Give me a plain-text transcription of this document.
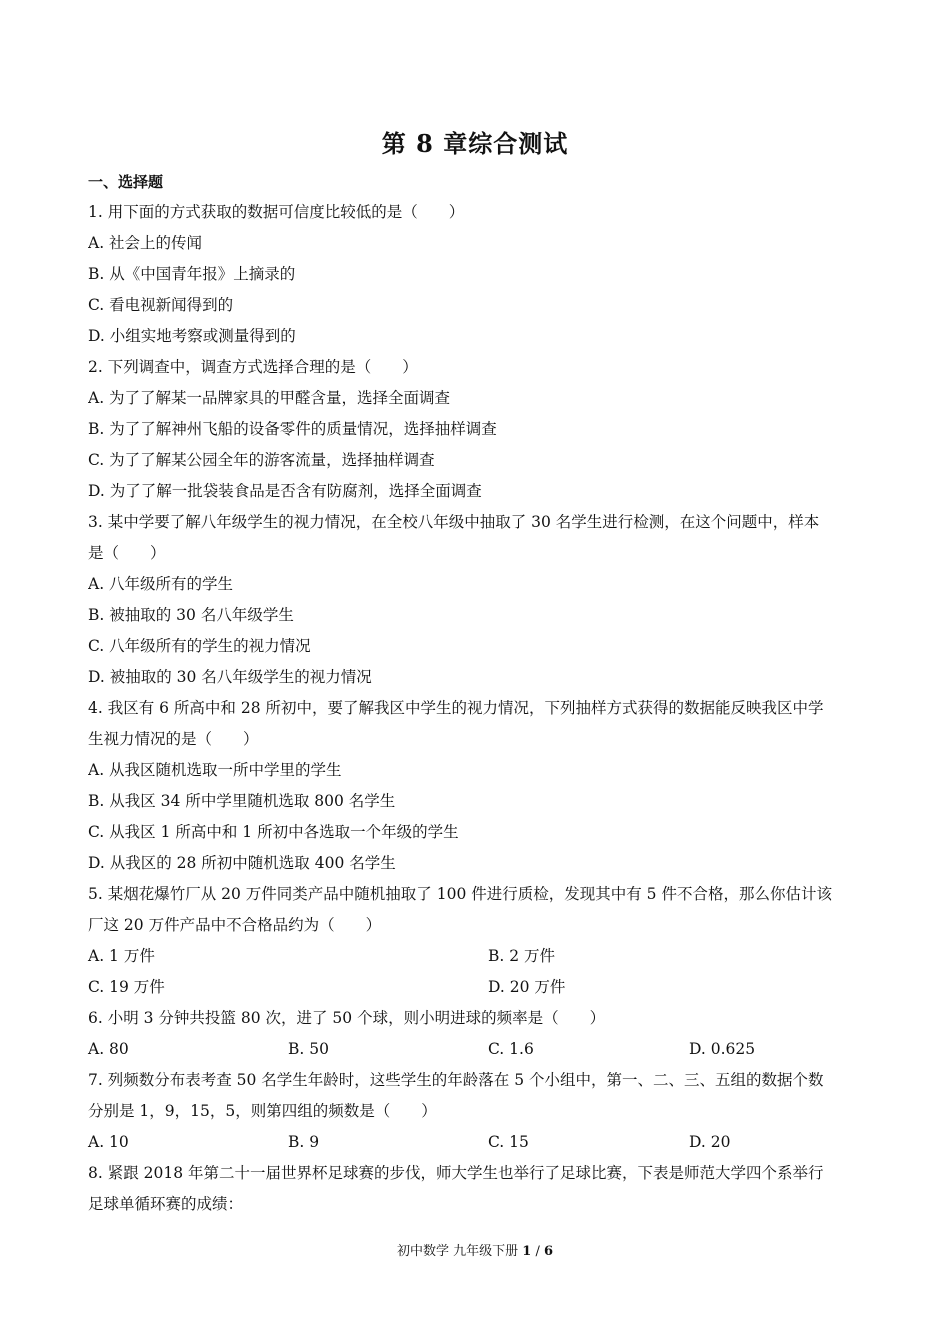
第 8 章综合测试
一、选择题
1. 用下面的方式获取的数据可信度比较低的是（　　）
A. 社会上的传闻
B. 从《中国青年报》上摘录的
C. 看电视新闻得到的
D. 小组实地考察或测量得到的
2. 下列调查中，调查方式选择合理的是（　　）
A. 为了了解某一品牌家具的甲醛含量，选择全面调查
B. 为了了解神州飞船的设备零件的质量情况，选择抽样调查
C. 为了了解某公园全年的游客流量，选择抽样调查
D. 为了了解一批袋装食品是否含有防腐剂，选择全面调查
3. 某中学要了解八年级学生的视力情况，在全校八年级中抽取了 30 名学生进行检测，在这个问题中，样本
是（　　）
A. 八年级所有的学生
B. 被抽取的 30 名八年级学生
C. 八年级所有的学生的视力情况
D. 被抽取的 30 名八年级学生的视力情况
4. 我区有 6 所高中和 28 所初中，要了解我区中学生的视力情况，下列抽样方式获得的数据能反映我区中学
生视力情况的是（　　）
A. 从我区随机选取一所中学里的学生
B. 从我区 34 所中学里随机选取 800 名学生
C. 从我区 1 所高中和 1 所初中各选取一个年级的学生
D. 从我区的 28 所初中随机选取 400 名学生
5. 某烟花爆竹厂从 20 万件同类产品中随机抽取了 100 件进行质检，发现其中有 5 件不合格，那么你估计该
厂这 20 万件产品中不合格品约为（　　）
A. 1 万件	B. 2 万件
C. 19 万件	D. 20 万件
6. 小明 3 分钟共投篮 80 次，进了 50 个球，则小明进球的频率是（　　）
A. 80	B. 50	C. 1.6	D. 0.625
7. 列频数分布表考查 50 名学生年龄时，这些学生的年龄落在 5 个小组中，第一、二、三、五组的数据个数
分别是 1，9，15，5，则第四组的频数是（　　）
A. 10	B. 9	C. 15	D. 20
8. 紧跟 2018 年第二十一届世界杯足球赛的步伐，师大学生也举行了足球比赛，下表是师范大学四个系举行
足球单循环赛的成绩：
初中数学 九年级下册 1 / 6
